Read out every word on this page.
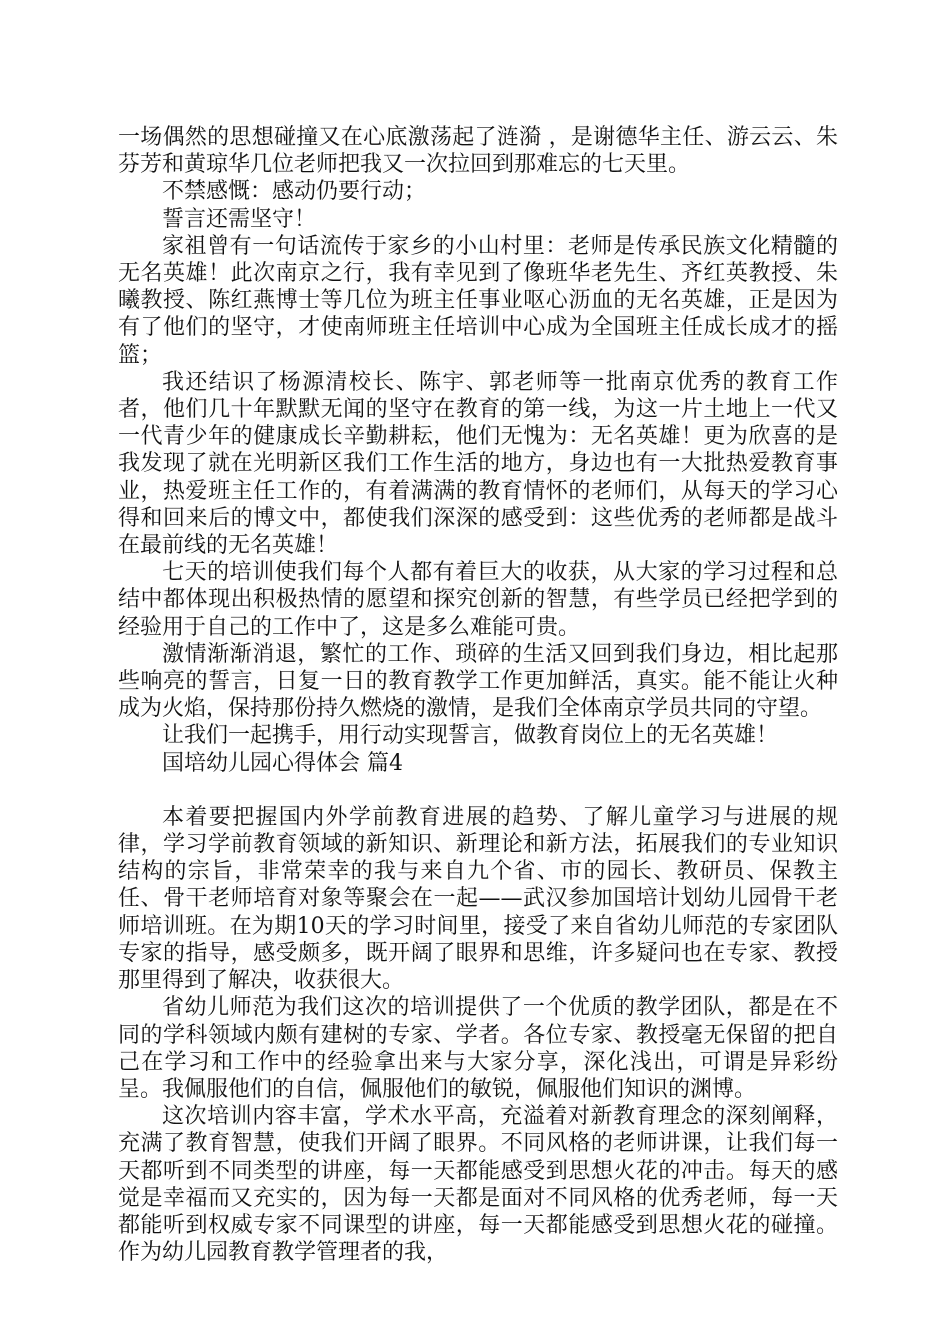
一场偶然的思想碰撞又在心底激荡起了涟漪 ，是谢德华主任、游云云、朱芬芳和黄琼华几位老师把我又一次拉回到那难忘的七天里。

不禁感慨：感动仍要行动；

誓言还需坚守！

家祖曾有一句话流传于家乡的小山村里：老师是传承民族文化精髓的无名英雄！此次南京之行，我有幸见到了像班华老先生、齐红英教授、朱曦教授、陈红燕博士等几位为班主任事业呕心沥血的无名英雄，正是因为有了他们的坚守，才使南师班主任培训中心成为全国班主任成长成才的摇篮；

我还结识了杨源清校长、陈宇、郭老师等一批南京优秀的教育工作者，他们几十年默默无闻的坚守在教育的第一线，为这一片土地上一代又一代青少年的健康成长辛勤耕耘，他们无愧为：无名英雄！更为欣喜的是我发现了就在光明新区我们工作生活的地方，身边也有一大批热爱教育事业，热爱班主任工作的，有着满满的教育情怀的老师们，从每天的学习心得和回来后的博文中，都使我们深深的感受到：这些优秀的老师都是战斗在最前线的无名英雄！

七天的培训使我们每个人都有着巨大的收获，从大家的学习过程和总结中都体现出积极热情的愿望和探究创新的智慧，有些学员已经把学到的经验用于自己的工作中了，这是多么难能可贵。

激情渐渐消退，繁忙的工作、琐碎的生活又回到我们身边，相比起那些响亮的誓言，日复一日的教育教学工作更加鲜活，真实。能不能让火种成为火焰，保持那份持久燃烧的激情，是我们全体南京学员共同的守望。

让我们一起携手，用行动实现誓言，做教育岗位上的无名英雄！

国培幼儿园心得体会 篇4

本着要把握国内外学前教育进展的趋势、了解儿童学习与进展的规律，学习学前教育领域的新知识、新理论和新方法，拓展我们的专业知识结构的宗旨，非常荣幸的我与来自九个省、市的园长、教研员、保教主任、骨干老师培育对象等聚会在一起——武汉参加国培计划幼儿园骨干老师培训班。在为期10天的学习时间里，接受了来自省幼儿师范的专家团队专家的指导，感受颇多，既开阔了眼界和思维，许多疑问也在专家、教授那里得到了解决，收获很大。

省幼儿师范为我们这次的培训提供了一个优质的教学团队，都是在不同的学科领域内颇有建树的专家、学者。各位专家、教授毫无保留的把自己在学习和工作中的经验拿出来与大家分享，深化浅出，可谓是异彩纷呈。我佩服他们的自信，佩服他们的敏锐，佩服他们知识的渊博。

这次培训内容丰富，学术水平高，充溢着对新教育理念的深刻阐释，充满了教育智慧，使我们开阔了眼界。不同风格的老师讲课，让我们每一天都听到不同类型的讲座，每一天都能感受到思想火花的冲击。每天的感觉是幸福而又充实的，因为每一天都是面对不同风格的优秀老师，每一天都能听到权威专家不同课型的讲座，每一天都能感受到思想火花的碰撞。作为幼儿园教育教学管理者的我，
